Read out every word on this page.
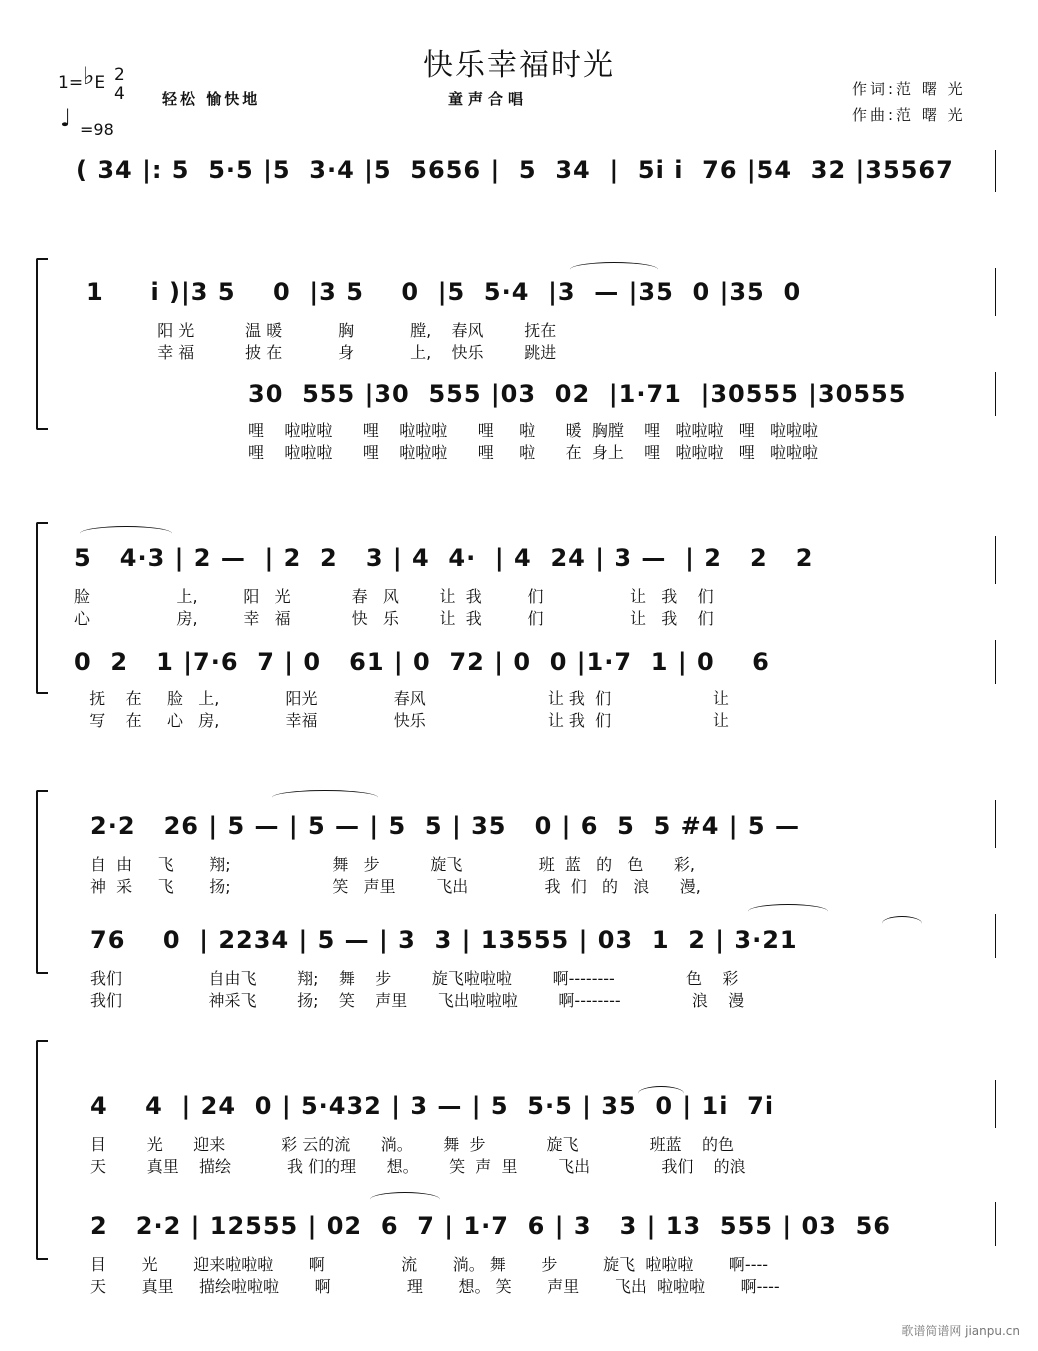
快乐幸福时光
1=♭E 2
4
♩ =98
轻松 愉快地	童声合唱
作词:范 曙 光
作曲:范 曙 光
( 34 |: 5  5·5 |5  3·4 |5  5656 |  5  34  |  5i i  76 |54  32 |35567
1     i )|3 5    0  |3 5    0  |5  5·4  |3  — |35  0 |35  0
阳 光          温 暖           胸           膛,    春风        抚在
幸 福          披 在           身           上,    快乐        跳进
30  555 |30  555 |03  02  |1·71  |30555 |30555
哩    啦啦啦      哩    啦啦啦      哩     啦      暖  胸膛    哩   啦啦啦   哩   啦啦啦
哩    啦啦啦      哩    啦啦啦      哩     啦      在  身上    哩   啦啦啦   哩   啦啦啦
5   4·3 | 2 —  | 2  2   3 | 4  4·  | 4  24 | 3 —  | 2   2   2
脸                 上,         阳   光            春   风        让  我         们                 让   我    们
心                 房,         幸   福            快   乐        让  我         们                 让   我    们
0  2   1 |7·6  7 | 0   61 | 0  72 | 0  0 |1·7  1 | 0    6
抚    在     脸   上,             阳光               春风                        让 我  们                    让
写    在     心   房,             幸福               快乐                        让 我  们                    让
2·2   26 | 5 — | 5 — | 5  5 | 35   0 | 6  5  5 #4 | 5 —
自  由     飞       翔;                    舞   步          旋飞               班  蓝   的   色      彩,
神  采     飞       扬;                    笑   声里        飞出               我  们   的   浪      漫,
76    0  | 2234 | 5 — | 3  3 | 13555 | 03  1  2 | 3·21
我们                 自由飞        翔;    舞    步        旋飞啦啦啦        啊--------              色    彩
我们                 神采飞        扬;    笑    声里      飞出啦啦啦        啊--------              浪    漫
4    4  | 24  0 | 5·432 | 3 — | 5  5·5 | 35  0 | 1i  7i
目        光      迎来           彩 云的流      淌。      舞  步            旋飞              班蓝    的色
天        真里    描绘           我 们的理      想。      笑  声  里        飞出              我们    的浪
2   2·2 | 12555 | 02  6  7 | 1·7  6 | 3   3 | 13  555 | 03  56
目       光       迎来啦啦啦       啊               流       淌。 舞       步         旋飞  啦啦啦       啊----
天       真里     描绘啦啦啦       啊               理       想。 笑       声里       飞出  啦啦啦       啊----
歌谱简谱网 jianpu.cn
